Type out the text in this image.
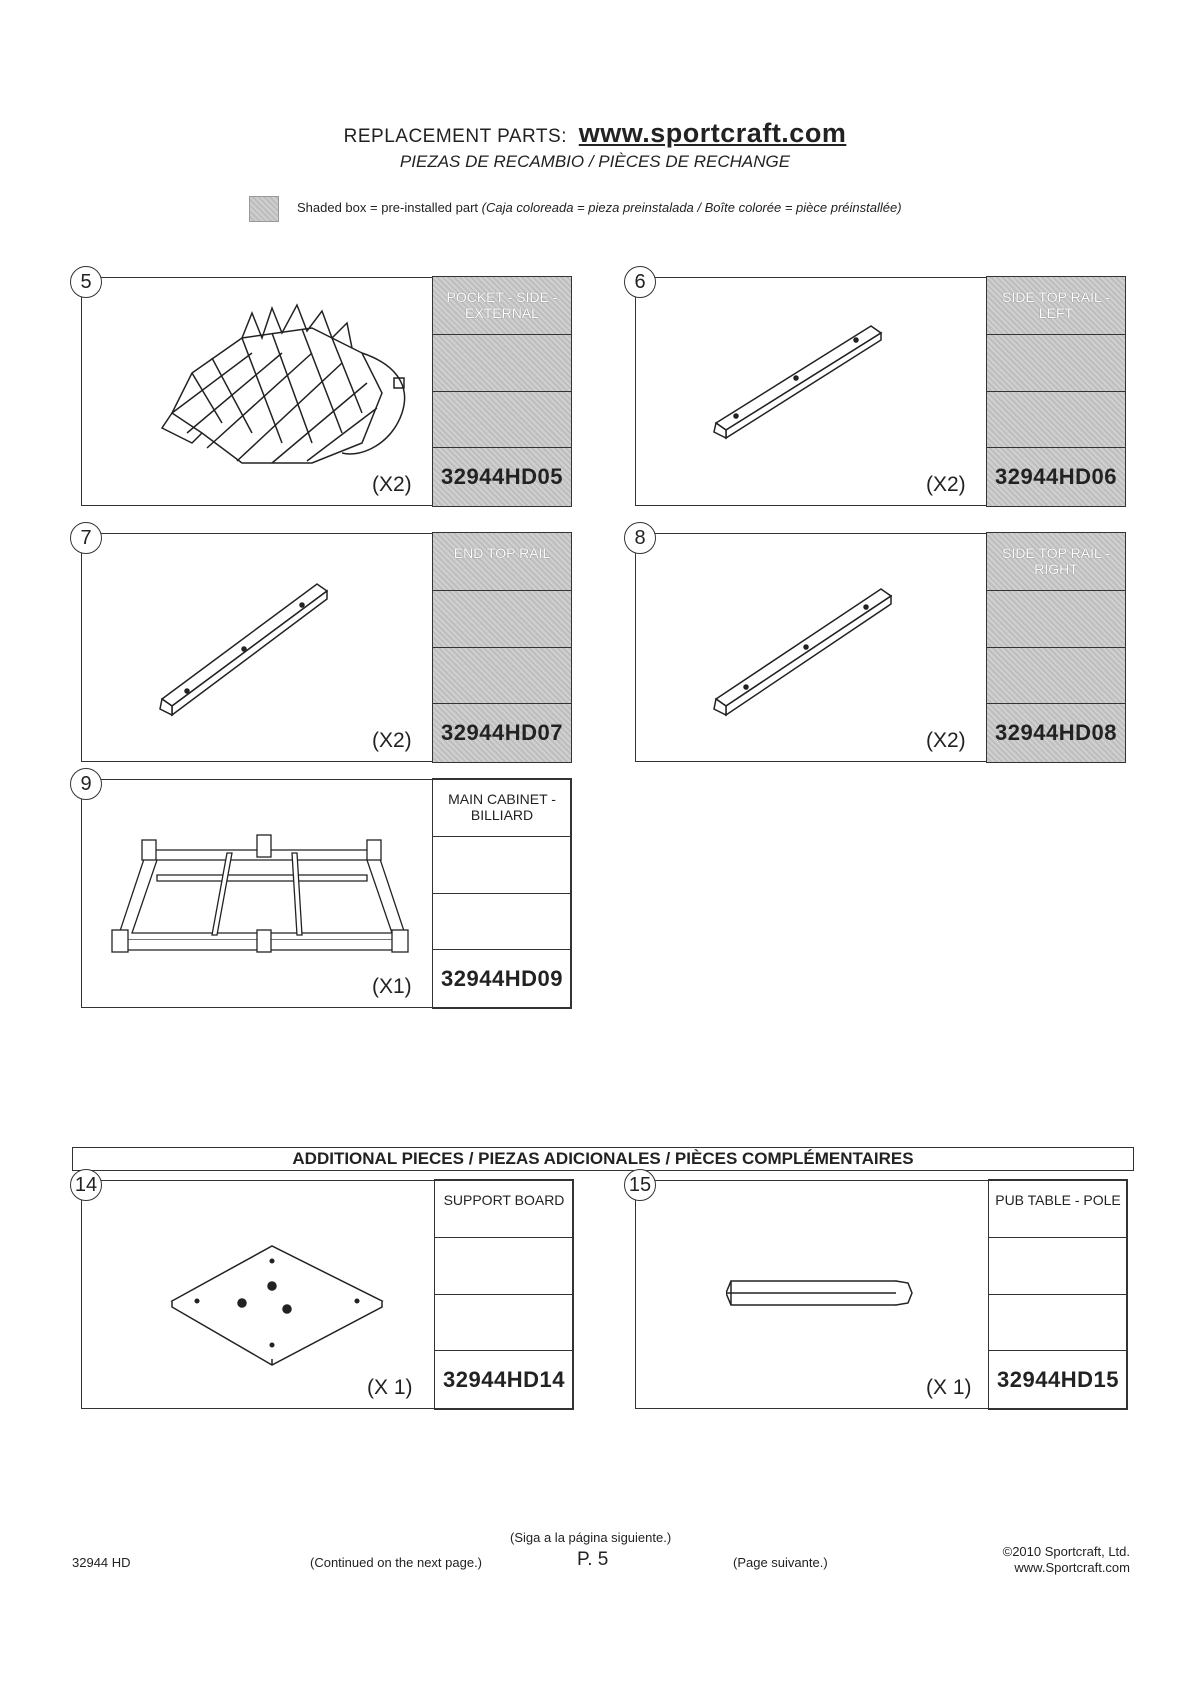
REPLACEMENT PARTS: www.sportcraft.com
PIEZAS DE RECAMBIO / PIÈCES DE RECHANGE
Shaded box = pre-installed part (Caja coloreada = pieza preinstalada / Boîte colorée = pièce préinstallée)
5
(X2)
POCKET - SIDE - EXTERNAL
32944HD05
6
(X2)
SIDE TOP RAIL - LEFT
32944HD06
7
(X2)
END TOP RAIL
32944HD07
8
(X2)
SIDE TOP RAIL - RIGHT
32944HD08
9
(X1)
MAIN CABINET - BILLIARD
32944HD09
ADDITIONAL PIECES / PIEZAS ADICIONALES / PIÈCES COMPLÉMENTAIRES
14
(X 1)
SUPPORT BOARD
32944HD14
15
(X 1)
PUB TABLE - POLE
32944HD15
32944 HD	(Continued on the next page.)
(Siga a la página siguiente.)
P. 5	(Page suivante.)
©2010 Sportcraft, Ltd.
www.Sportcraft.com
